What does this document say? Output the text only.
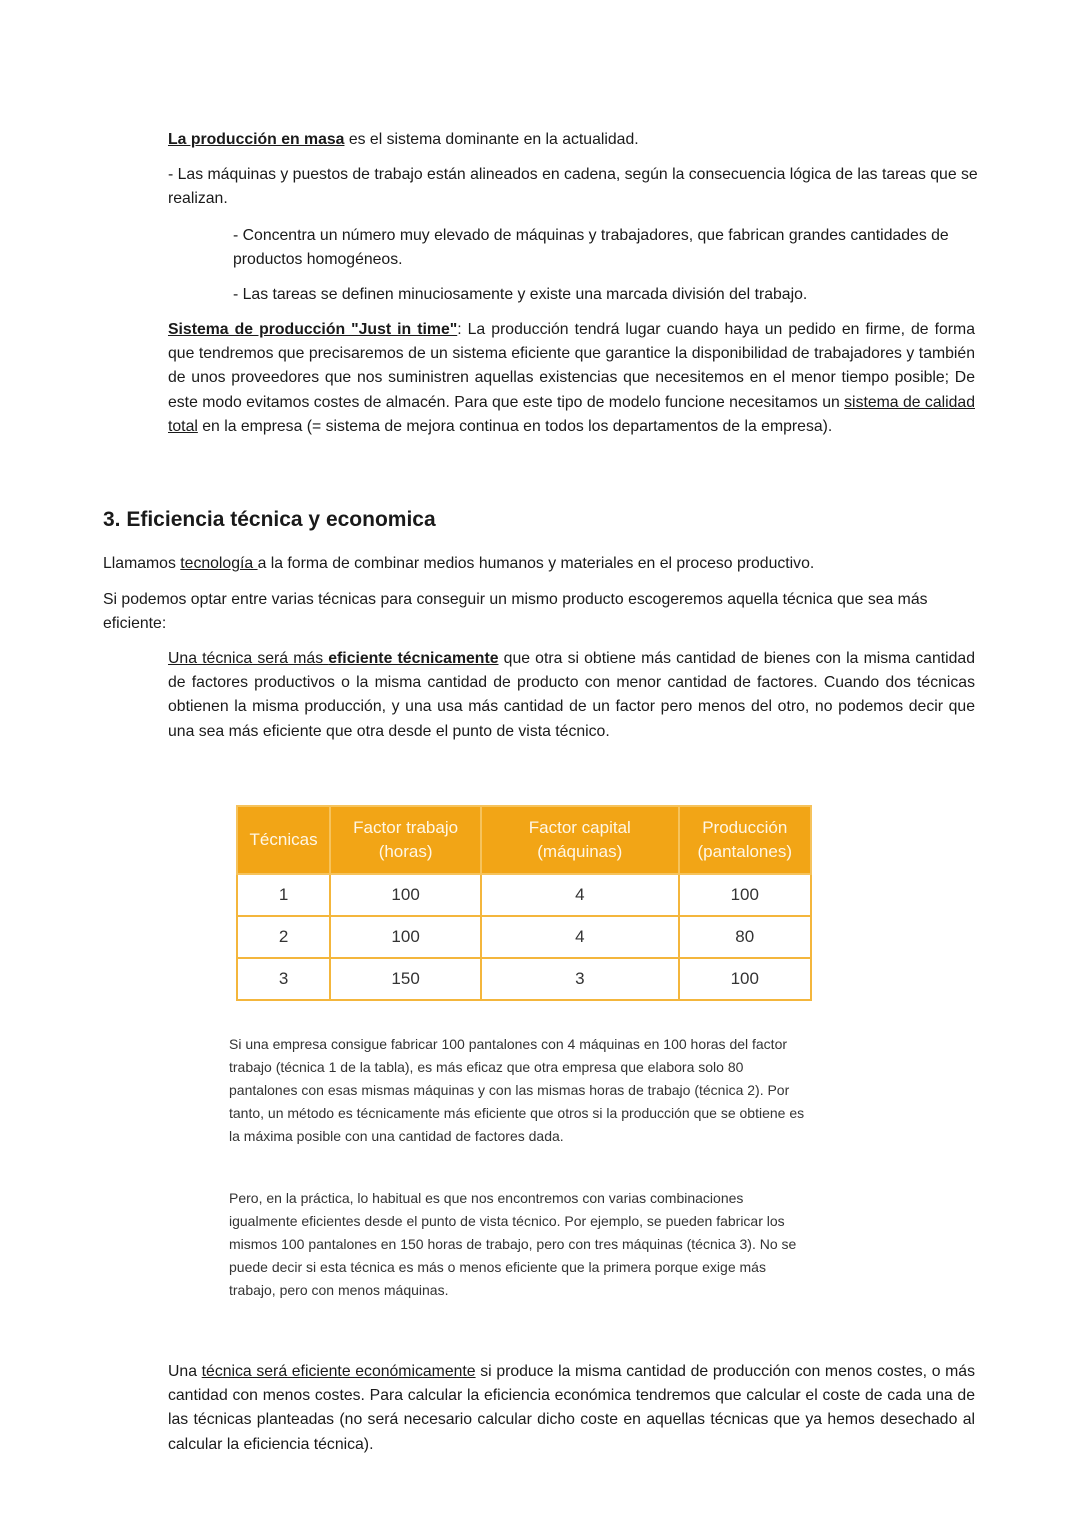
La producción en masa es el sistema dominante en la actualidad.
- Las máquinas y puestos de trabajo están alineados en cadena, según la consecuencia lógica de las tareas que se realizan.
- Concentra un número muy elevado de máquinas y trabajadores, que fabrican grandes cantidades de productos homogéneos.
- Las tareas se definen minuciosamente y existe una marcada división del trabajo.
Sistema de producción "Just in time": La producción tendrá lugar cuando haya un pedido en firme, de forma que tendremos que precisaremos de un sistema eficiente que garantice la disponibilidad de trabajadores y también de unos proveedores que nos suministren aquellas existencias que necesitemos en el menor tiempo posible; De este modo evitamos costes de almacén. Para que este tipo de modelo funcione necesitamos un sistema de calidad total en la empresa (= sistema de mejora continua en todos los departamentos de la empresa).
3. Eficiencia técnica y economica
Llamamos tecnología a la forma de combinar medios humanos y materiales en el proceso productivo.
Si podemos optar entre varias técnicas para conseguir un mismo producto escogeremos aquella técnica que sea más eficiente:
Una técnica será más eficiente técnicamente que otra si obtiene más cantidad de bienes con la misma cantidad de factores productivos o la misma cantidad de producto con menor cantidad de factores. Cuando dos técnicas obtienen la misma producción, y una usa más cantidad de un factor pero menos del otro, no podemos decir que una sea más eficiente que otra desde el punto de vista técnico.
Técnicas	Factor trabajo (horas)	Factor capital (máquinas)	Producción (pantalones)
1	100	4	100
2	100	4	80
3	150	3	100
Si una empresa consigue fabricar 100 pantalones con 4 máquinas en 100 horas del factor trabajo (técnica 1 de la tabla), es más eficaz que otra empresa que elabora solo 80 pantalones con esas mismas máquinas y con las mismas horas de trabajo (técnica 2). Por tanto, un método es técnicamente más eficiente que otros si la producción que se obtiene es la máxima posible con una cantidad de factores dada.
Pero, en la práctica, lo habitual es que nos encontremos con varias combinaciones igualmente eficientes desde el punto de vista técnico. Por ejemplo, se pueden fabricar los mismos 100 pantalones en 150 horas de trabajo, pero con tres máquinas (técnica 3). No se puede decir si esta técnica es más o menos eficiente que la primera porque exige más trabajo, pero con menos máquinas.
Una técnica será eficiente económicamente si produce la misma cantidad de producción con menos costes, o más cantidad con menos costes. Para calcular la eficiencia económica tendremos que calcular el coste de cada una de las técnicas planteadas (no será necesario calcular dicho coste en aquellas técnicas que ya hemos desechado al calcular la eficiencia técnica).
